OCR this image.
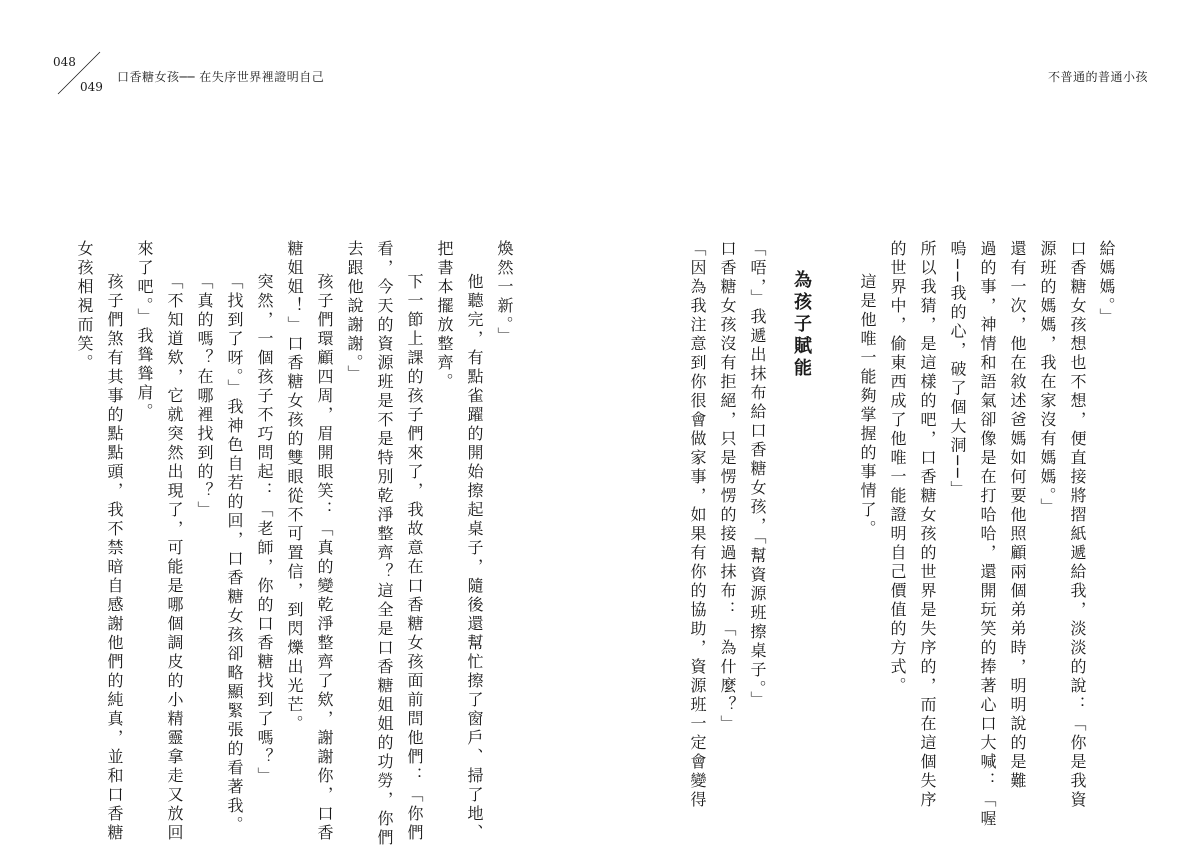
048
049
口香糖女孩── 在失序世界裡證明自己	不普通的普通小孩
給媽媽。」
口香糖女孩想也不想，便直接將摺紙遞給我，淡淡的說：「你是我資
源班的媽媽，我在家沒有媽媽。」
還有一次，他在敘述爸媽如何要他照顧兩個弟弟時，明明說的是難
過的事，神情和語氣卻像是在打哈哈，還開玩笑的捧著心口大喊：「喔
嗚──我的心，破了個大洞──」
所以我猜，是這樣的吧，口香糖女孩的世界是失序的，而在這個失序
的世界中，偷東西成了他唯一能證明自己價值的方式。
這是他唯一能夠掌握的事情了。
為孩子賦能
「唔，」我遞出抹布給口香糖女孩，「幫資源班擦桌子。」
口香糖女孩沒有拒絕，只是愣愣的接過抹布：「為什麼？」
「因為我注意到你很會做家事，如果有你的協助，資源班一定會變得
煥然一新。」
他聽完，有點雀躍的開始擦起桌子，隨後還幫忙擦了窗戶、掃了地、
把書本擺放整齊。
下一節上課的孩子們來了，我故意在口香糖女孩面前問他們：「你們
看，今天的資源班是不是特別乾淨整齊？這全是口香糖姐姐的功勞，你們
去跟他說謝謝。」
孩子們環顧四周，眉開眼笑：「真的變乾淨整齊了欸，謝謝你，口香
糖姐姐！」口香糖女孩的雙眼從不可置信，到閃爍出光芒。
突然，一個孩子不巧問起：「老師，你的口香糖找到了嗎？」
「找到了呀。」我神色自若的回，口香糖女孩卻略顯緊張的看著我。
「真的嗎？在哪裡找到的？」
「不知道欸，它就突然出現了，可能是哪個調皮的小精靈拿走又放回
來了吧。」我聳聳肩。
孩子們煞有其事的點點頭，我不禁暗自感謝他們的純真，並和口香糖
女孩相視而笑。
